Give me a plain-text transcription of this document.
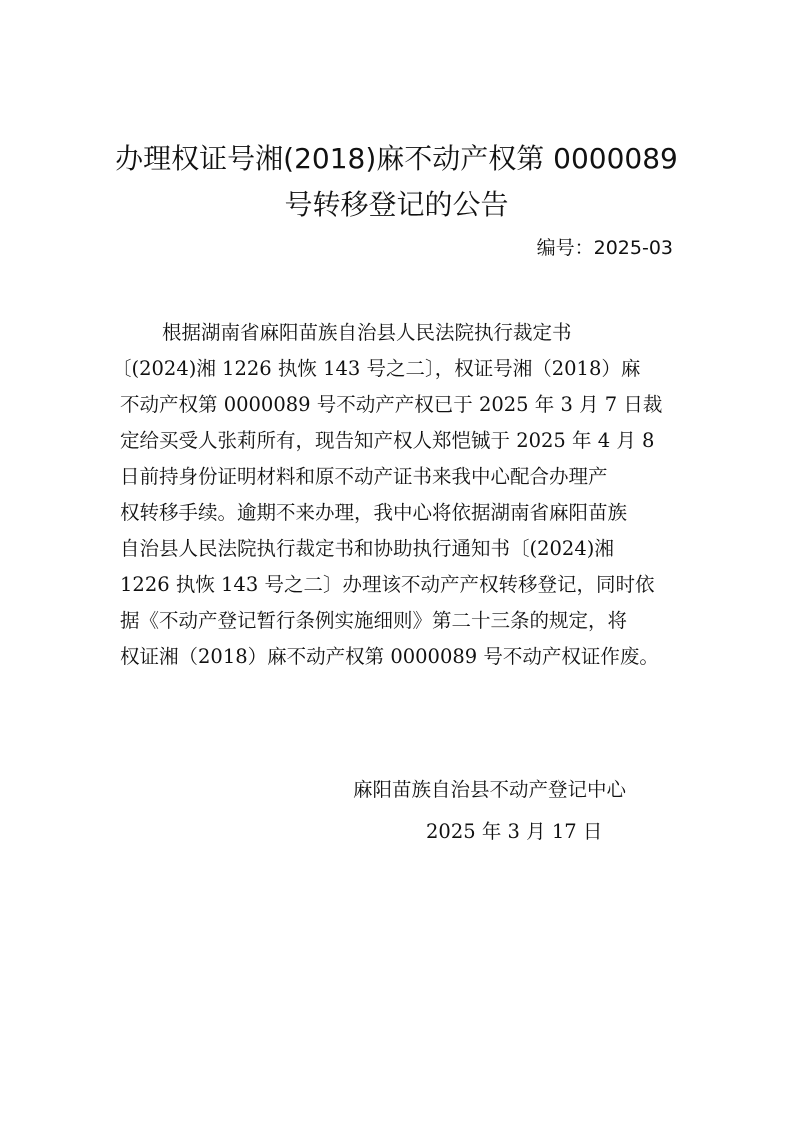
办理权证号湘(2018)麻不动产权第 0000089
号转移登记的公告
编号：2025-03
根据湖南省麻阳苗族自治县人民法院执行裁定书
〔(2024)湘 1226 执恢 143 号之二〕，权证号湘（2018）麻
不动产权第 0000089 号不动产产权已于 2025 年 3 月 7 日裁
定给买受人张莉所有，现告知产权人郑恺铖于 2025 年 4 月 8
日前持身份证明材料和原不动产证书来我中心配合办理产
权转移手续。逾期不来办理，我中心将依据湖南省麻阳苗族
自治县人民法院执行裁定书和协助执行通知书〔(2024)湘
1226 执恢 143 号之二〕办理该不动产产权转移登记，同时依
据《不动产登记暂行条例实施细则》第二十三条的规定，将
权证湘（2018）麻不动产权第 0000089 号不动产权证作废。
麻阳苗族自治县不动产登记中心
2025 年 3 月 17 日
